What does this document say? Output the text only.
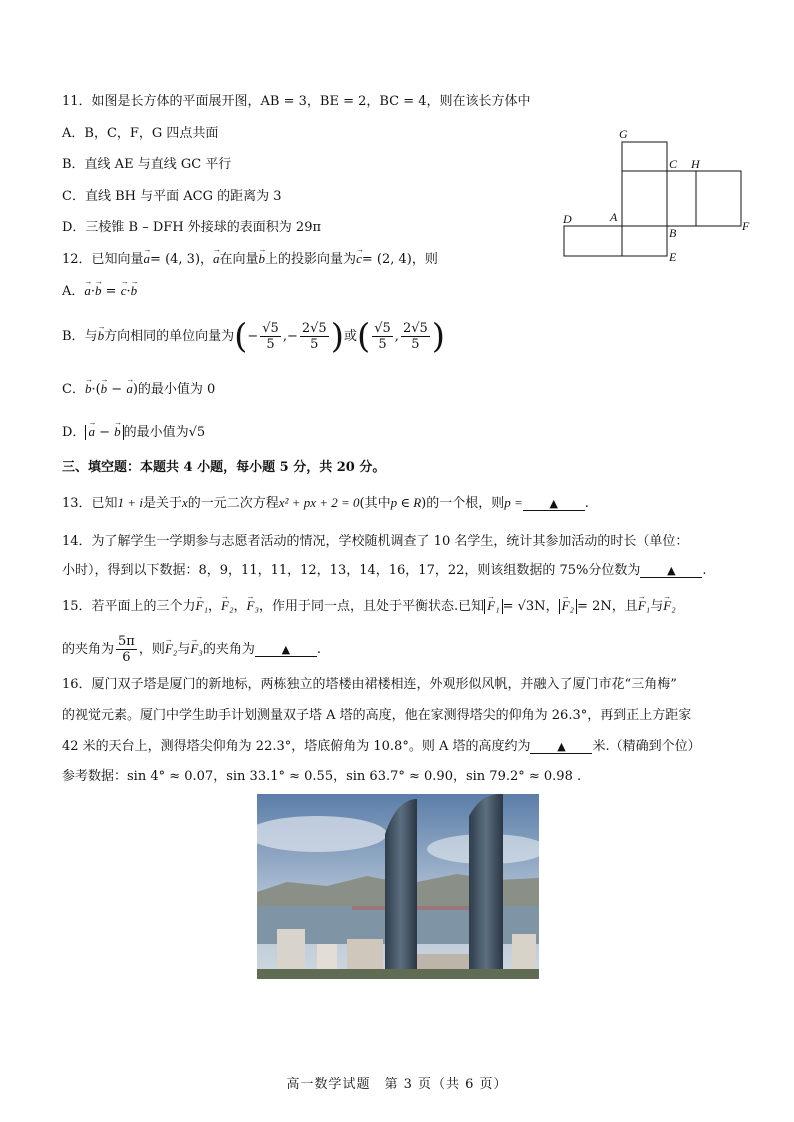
11．如图是长方体的平面展开图，AB = 3，BE = 2，BC = 4，则在该长方体中
A．B，C，F，G 四点共面
B．直线 AE 与直线 GC 平行
C．直线 BH 与平面 ACG 的距离为 3
D．三棱锥 B – DFH 外接球的表面积为 29π
G
C H
D	A
B	F
E
12．已知向量→ a= (4, 3)，→ a在向量→ b上的投影向量为→ c= (2, 4)，则
A．→ a·→ b = → c·→ b
B．与→ b方向相同的单位向量为(− $\frac{√5}{5}$ ,− $\frac{2√5}{5}$ )或( $\frac{√5}{5}$ , $\frac{2√5}{5}$ )
C．→ b·(→ b − → a)的最小值为 0
D． → a − → b 的最小值为√5
三、填空题：本题共 4 小题，每小题 5 分，共 20 分。
13．已知1 + i是关于x的一元二次方程x² + px + 2 = 0(其中p ∈ R)的一个根，则p = ▲ .
14．为了解学生一学期参与志愿者活动的情况，学校随机调查了 10 名学生，统计其参加活动的时长（单位：
小时），得到以下数据：8，9，11，11，12，13，14，16，17，22，则该组数据的 75%分位数为 ▲ .
15．若平面上的三个力→ F₁，→ F₂，→ F₃，作用于同一点，且处于平衡状态.已知 → F₁ = √3N， → F₂ = 2N，且→ F₁与→ F₂
的夹角为 $\frac{5\pi}{6}$ ，则→ F₂与→ F₃的夹角为 ▲ .
16．厦门双子塔是厦门的新地标，两栋独立的塔楼由裙楼相连，外观形似风帆，并融入了厦门市花“三角梅”
的视觉元素。厦门中学生助手计划测量双子塔 A 塔的高度，他在家测得塔尖的仰角为 26.3°，再到正上方距家
42 米的天台上，测得塔尖仰角为 22.3°，塔底俯角为 10.8°。则 A 塔的高度约为 ▲ 米.（精确到个位）
参考数据：sin 4° ≈ 0.07，sin 33.1° ≈ 0.55，sin 63.7° ≈ 0.90，sin 79.2° ≈ 0.98 .
高一数学试题　第 3 页（共 6 页）
